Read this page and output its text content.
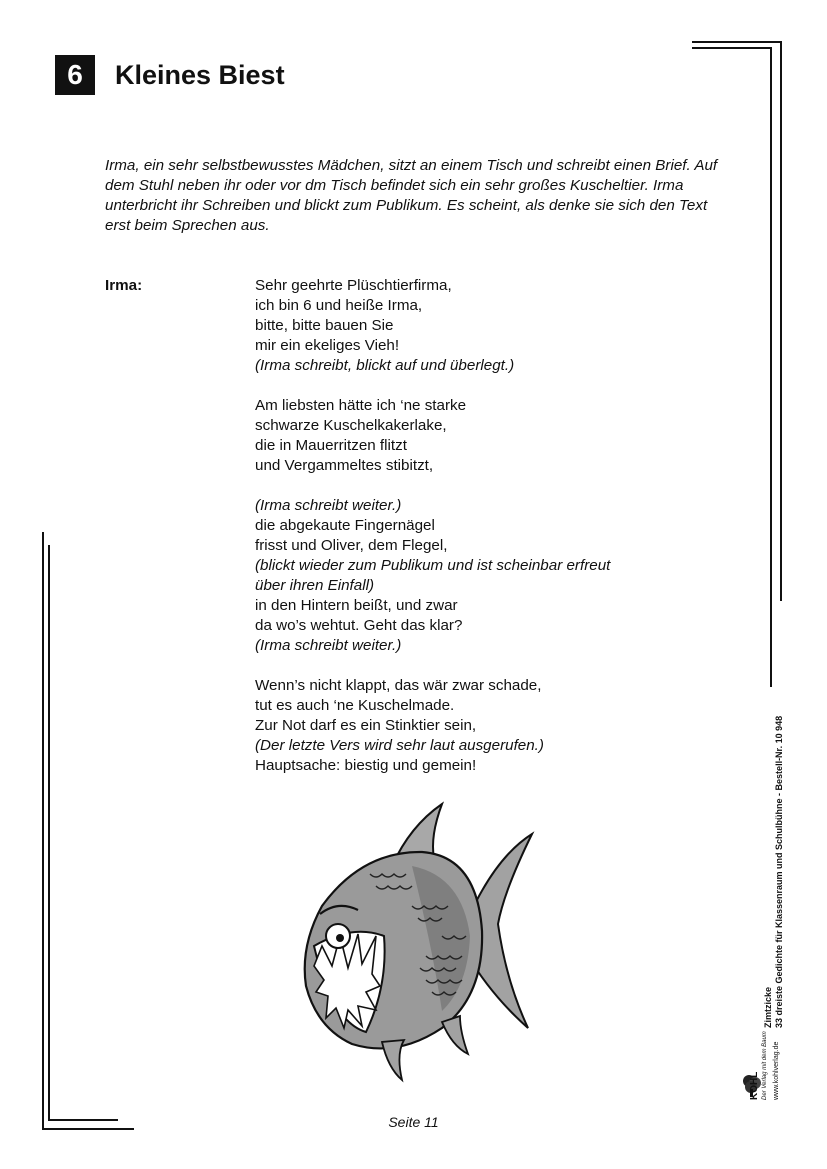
6	Kleines Biest

Irma, ein sehr selbstbewusstes Mädchen, sitzt an einem Tisch und schreibt einen Brief. Auf dem Stuhl neben ihr oder vor dm Tisch befindet sich ein sehr großes Kuscheltier. Irma unterbricht ihr Schreiben und blickt zum Publikum. Es scheint, als denke sie sich den Text erst beim Sprechen aus.

Irma:	Sehr geehrte Plüschtierfirma,
ich bin 6 und heiße Irma,
bitte, bitte bauen Sie
mir ein ekeliges Vieh!
(Irma schreibt, blickt auf und überlegt.)
Am liebsten hätte ich ‘ne starke
schwarze Kuschelkakerlake,
die in Mauerritzen flitzt
und Vergammeltes stibitzt,
(Irma schreibt weiter.)
die abgekaute Fingernägel
frisst und Oliver, dem Flegel,
(blickt wieder zum Publikum und ist scheinbar erfreut
über ihren Einfall)
in den Hintern beißt, und zwar
da wo’s wehtut. Geht das klar?
(Irma schreibt weiter.)
Wenn’s nicht klappt, das wär zwar schade,
tut es auch ‘ne Kuschelmade.
Zur Not darf es ein Stinktier sein,
(Der letzte Vers wird sehr laut ausgerufen.)
Hauptsache: biestig und gemein!
Seite 11
KOHL Der Verlag mit dem Baum www.kohlverlag.de
Zimtzicke 33 dreiste Gedichte für Klassenraum und Schulbühne - Bestell-Nr. 10 948
